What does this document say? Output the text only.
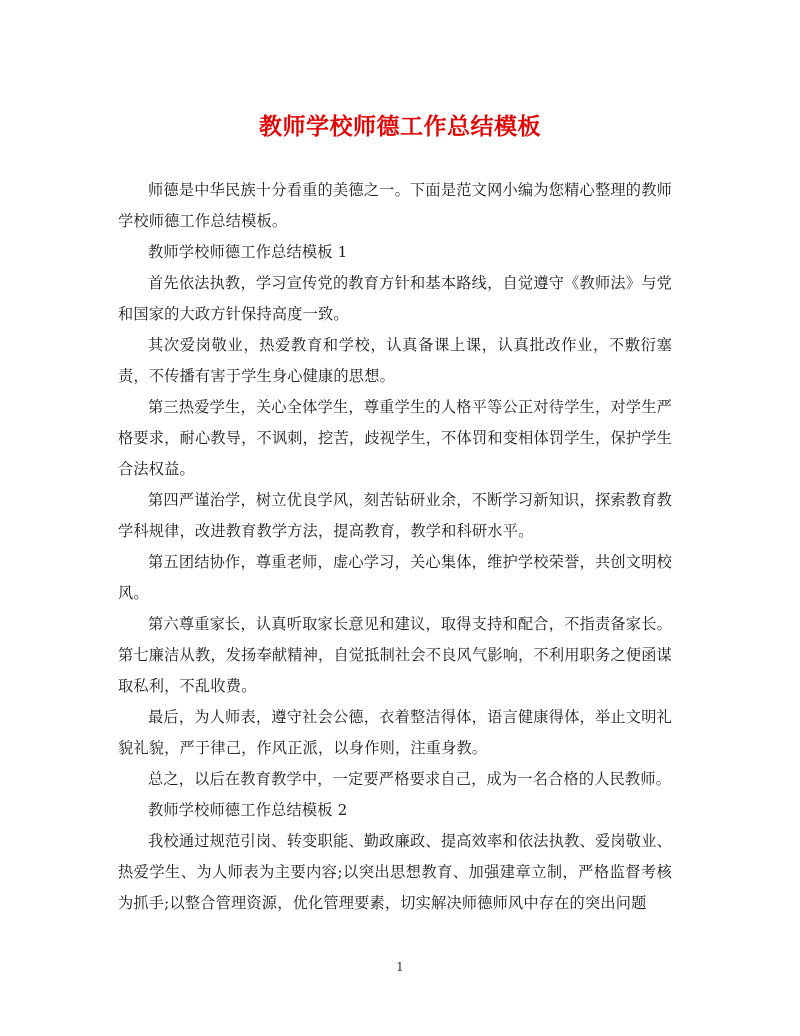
教师学校师德工作总结模板

师德是中华民族十分看重的美德之一。下面是范文网小编为您精心整理的教师学校师德工作总结模板。

教师学校师德工作总结模板 1

首先依法执教，学习宣传党的教育方针和基本路线，自觉遵守《教师法》与党和国家的大政方针保持高度一致。

其次爱岗敬业，热爱教育和学校，认真备课上课，认真批改作业，不敷衍塞责，不传播有害于学生身心健康的思想。

第三热爱学生，关心全体学生，尊重学生的人格平等公正对待学生，对学生严格要求，耐心教导，不讽刺，挖苦，歧视学生，不体罚和变相体罚学生，保护学生合法权益。

第四严谨治学，树立优良学风，刻苦钻研业余，不断学习新知识，探索教育教学科规律，改进教育教学方法，提高教育，教学和科研水平。

第五团结协作，尊重老师，虚心学习，关心集体，维护学校荣誉，共创文明校风。

第六尊重家长，认真听取家长意见和建议，取得支持和配合，不指责备家长。第七廉洁从教，发扬奉献精神，自觉抵制社会不良风气影响，不利用职务之便函谋取私利，不乱收费。

最后，为人师表，遵守社会公德，衣着整洁得体，语言健康得体，举止文明礼貌礼貌，严于律己，作风正派，以身作则，注重身教。

总之，以后在教育教学中，一定要严格要求自己，成为一名合格的人民教师。

教师学校师德工作总结模板 2

我校通过规范引岗、转变职能、勤政廉政、提高效率和依法执教、爱岗敬业、热爱学生、为人师表为主要内容;以突出思想教育、加强建章立制，严格监督考核为抓手;以整合管理资源，优化管理要素，切实解决师德师风中存在的突出问题

1
